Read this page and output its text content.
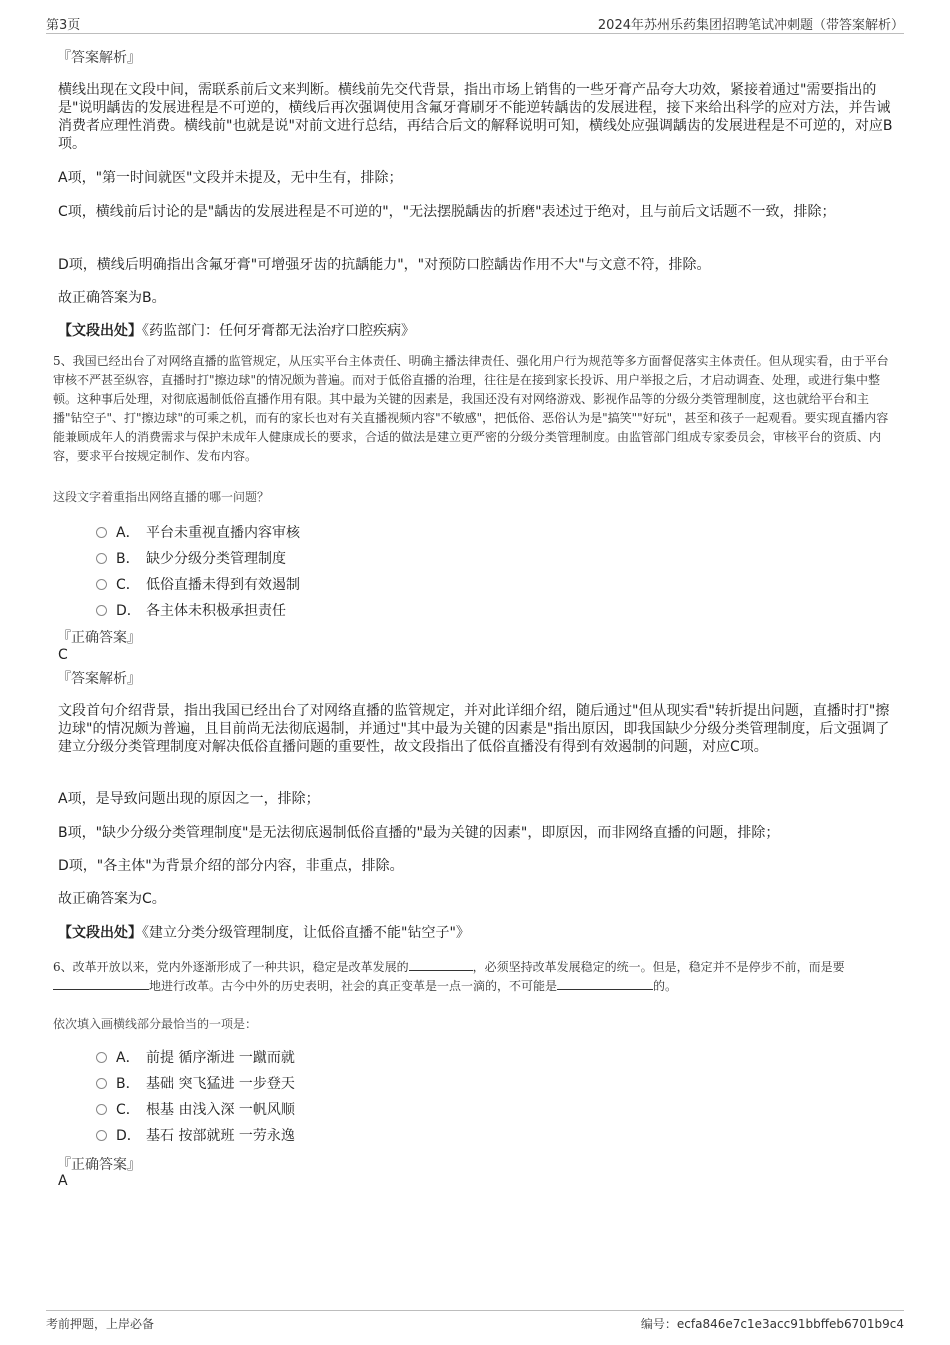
第3页	2024年苏州乐药集团招聘笔试冲刺题（带答案解析）
『答案解析』
横线出现在文段中间，需联系前后文来判断。横线前先交代背景，指出市场上销售的一些牙膏产品夸大功效，紧接着通过"需要指出的是"说明龋齿的发展进程是不可逆的，横线后再次强调使用含氟牙膏刷牙不能逆转龋齿的发展进程，接下来给出科学的应对方法，并告诫消费者应理性消费。横线前"也就是说"对前文进行总结，再结合后文的解释说明可知，横线处应强调龋齿的发展进程是不可逆的，对应B项。
A项，"第一时间就医"文段并未提及，无中生有，排除；
C项，横线前后讨论的是"龋齿的发展进程是不可逆的"，"无法摆脱龋齿的折磨"表述过于绝对，且与前后文话题不一致，排除；
D项，横线后明确指出含氟牙膏"可增强牙齿的抗龋能力"，"对预防口腔龋齿作用不大"与文意不符，排除。
故正确答案为B。
【文段出处】《药监部门：任何牙膏都无法治疗口腔疾病》
5、我国已经出台了对网络直播的监管规定，从压实平台主体责任、明确主播法律责任、强化用户行为规范等多方面督促落实主体责任。但从现实看，由于平台审核不严甚至纵容，直播时打"擦边球"的情况颇为普遍。而对于低俗直播的治理，往往是在接到家长投诉、用户举报之后，才启动调查、处理，或进行集中整顿。这种事后处理，对彻底遏制低俗直播作用有限。其中最为关键的因素是，我国还没有对网络游戏、影视作品等的分级分类管理制度，这也就给平台和主播"钻空子"、打"擦边球"的可乘之机，而有的家长也对有关直播视频内容"不敏感"，把低俗、恶俗认为是"搞笑""好玩"，甚至和孩子一起观看。要实现直播内容能兼顾成年人的消费需求与保护未成年人健康成长的要求，合适的做法是建立更严密的分级分类管理制度。由监管部门组成专家委员会，审核平台的资质、内容，要求平台按规定制作、发布内容。
这段文字着重指出网络直播的哪一问题？
A． 平台未重视直播内容审核
B． 缺少分级分类管理制度
C． 低俗直播未得到有效遏制
D． 各主体未积极承担责任
『正确答案』
C
『答案解析』
文段首句介绍背景，指出我国已经出台了对网络直播的监管规定，并对此详细介绍，随后通过"但从现实看"转折提出问题，直播时打"擦边球"的情况颇为普遍，且目前尚无法彻底遏制，并通过"其中最为关键的因素是"指出原因，即我国缺少分级分类管理制度，后文强调了建立分级分类管理制度对解决低俗直播问题的重要性，故文段指出了低俗直播没有得到有效遏制的问题，对应C项。
A项，是导致问题出现的原因之一，排除；
B项，"缺少分级分类管理制度"是无法彻底遏制低俗直播的"最为关键的因素"，即原因，而非网络直播的问题，排除；
D项，"各主体"为背景介绍的部分内容，非重点，排除。
故正确答案为C。
【文段出处】《建立分类分级管理制度，让低俗直播不能"钻空子"》
6、改革开放以来，党内外逐渐形成了一种共识，稳定是改革发展的	，必须坚持改革发展稳定的统一。但是，稳定并不是停步不前，而是要地进行改革。古今中外的历史表明，社会的真正变革是一点一滴的，不可能是	的。
依次填入画横线部分最恰当的一项是：
A． 前提 循序渐进 一蹴而就
B． 基础 突飞猛进 一步登天
C． 根基 由浅入深 一帆风顺
D． 基石 按部就班 一劳永逸
『正确答案』
A
考前押题，上岸必备	编号：ecfa846e7c1e3acc91bbffeb6701b9c4
